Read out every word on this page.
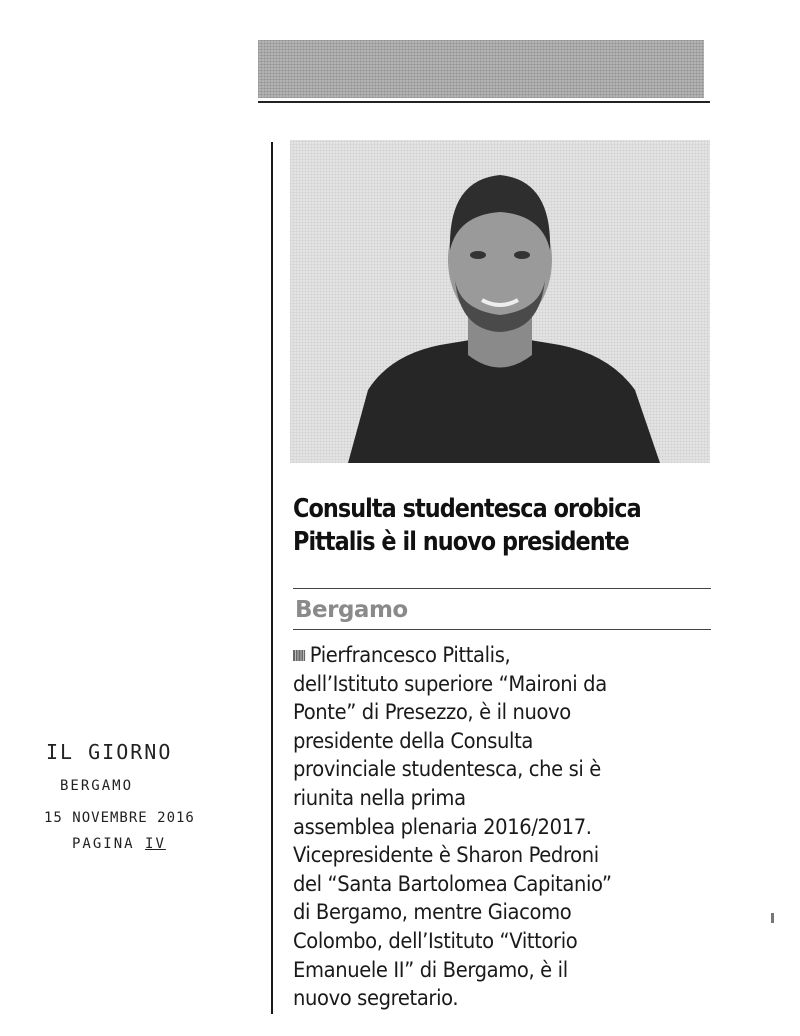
Consulta studentesca orobica
Pittalis è il nuovo presidente
Bergamo
Pierfrancesco Pittalis,
dell’Istituto superiore “Maironi da
Ponte” di Presezzo, è il nuovo
presidente della Consulta
provinciale studentesca, che si è
riunita nella prima
assemblea plenaria 2016/2017.
Vicepresidente è Sharon Pedroni
del “Santa Bartolomea Capitanio”
di Bergamo, mentre Giacomo
Colombo, dell’Istituto “Vittorio
Emanuele II” di Bergamo, è il
nuovo segretario.
IL GIORNO
BERGAMO
15 NOVEMBRE 2016
PAGINA IV
